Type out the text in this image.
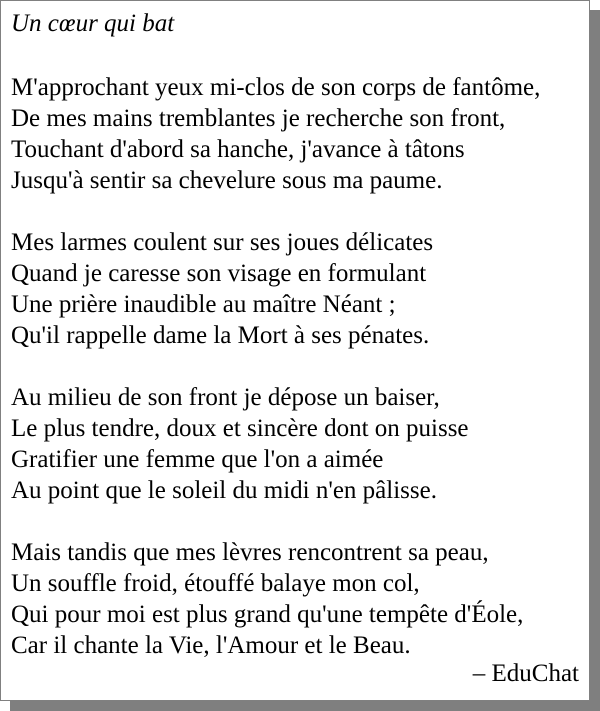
Un cœur qui bat
M'approchant yeux mi-clos de son corps de fantôme,
De mes mains tremblantes je recherche son front,
Touchant d'abord sa hanche, j'avance à tâtons
Jusqu'à sentir sa chevelure sous ma paume.
Mes larmes coulent sur ses joues délicates
Quand je caresse son visage en formulant
Une prière inaudible au maître Néant ;
Qu'il rappelle dame la Mort à ses pénates.
Au milieu de son front je dépose un baiser,
Le plus tendre, doux et sincère dont on puisse
Gratifier une femme que l'on a aimée
Au point que le soleil du midi n'en pâlisse.
Mais tandis que mes lèvres rencontrent sa peau,
Un souffle froid, étouffé balaye mon col,
Qui pour moi est plus grand qu'une tempête d'Éole,
Car il chante la Vie, l'Amour et le Beau.
– EduChat
